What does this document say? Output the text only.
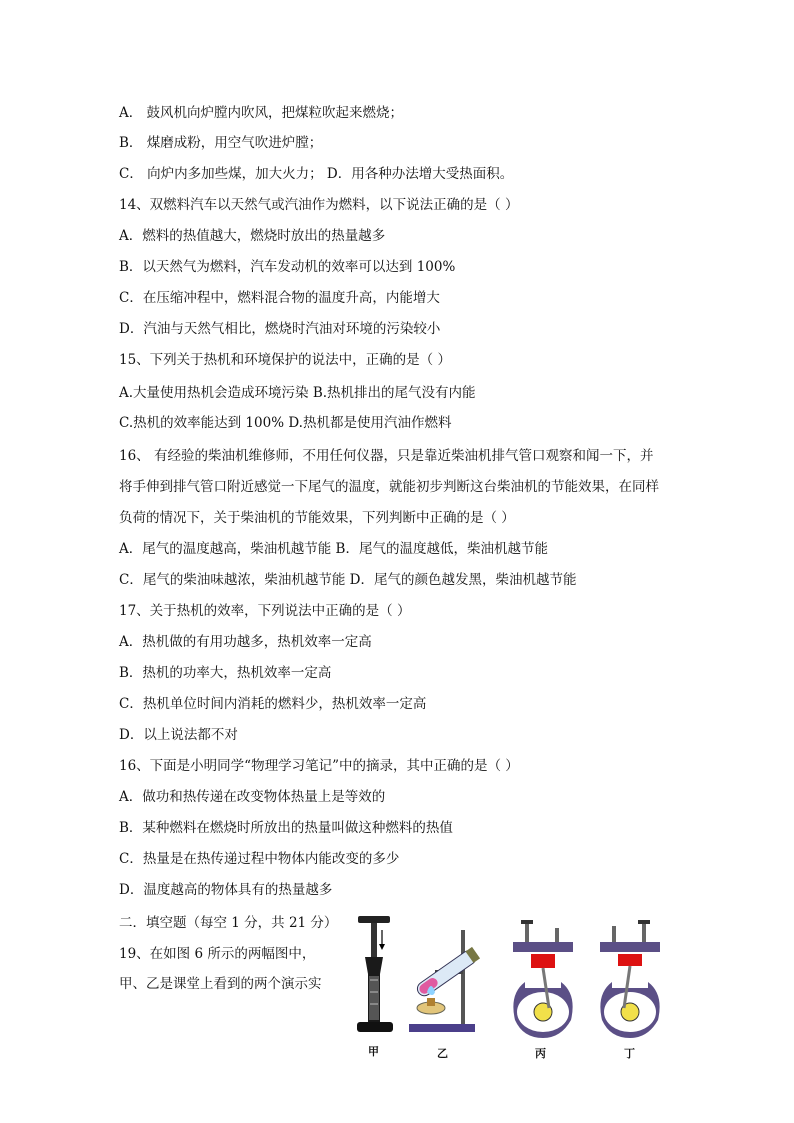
A． 鼓风机向炉膛内吹风，把煤粒吹起来燃烧；
B． 煤磨成粉，用空气吹进炉膛；
C． 向炉内多加些煤，加大火力； D．用各种办法增大受热面积。
14、双燃料汽车以天然气或汽油作为燃料，以下说法正确的是（ ）
A．燃料的热值越大，燃烧时放出的热量越多
B．以天然气为燃料，汽车发动机的效率可以达到 100%
C．在压缩冲程中，燃料混合物的温度升高，内能增大
D．汽油与天然气相比，燃烧时汽油对环境的污染较小
15、下列关于热机和环境保护的说法中，正确的是（ ）
A.大量使用热机会造成环境污染 B.热机排出的尾气没有内能
C.热机的效率能达到 100% D.热机都是使用汽油作燃料
16、 有经验的柴油机维修师，不用任何仪器，只是靠近柴油机排气管口观察和闻一下，并
将手伸到排气管口附近感觉一下尾气的温度，就能初步判断这台柴油机的节能效果，在同样
负荷的情况下，关于柴油机的节能效果，下列判断中正确的是（ ）
A．尾气的温度越高，柴油机越节能 B．尾气的温度越低，柴油机越节能
C．尾气的柴油味越浓，柴油机越节能 D．尾气的颜色越发黑，柴油机越节能
17、关于热机的效率，下列说法中正确的是（ ）
A．热机做的有用功越多，热机效率一定高
B．热机的功率大，热机效率一定高
C．热机单位时间内消耗的燃料少，热机效率一定高
D．以上说法都不对
16、下面是小明同学“物理学习笔记”中的摘录，其中正确的是（ ）
A．做功和热传递在改变物体热量上是等效的
B．某种燃料在燃烧时所放出的热量叫做这种燃料的热值
C．热量是在热传递过程中物体内能改变的多少
D．温度越高的物体具有的热量越多
二．填空题（每空 1 分，共 21 分）
19、在如图 6 所示的两幅图中，
甲、乙是课堂上看到的两个演示实
甲	乙	丙	丁
